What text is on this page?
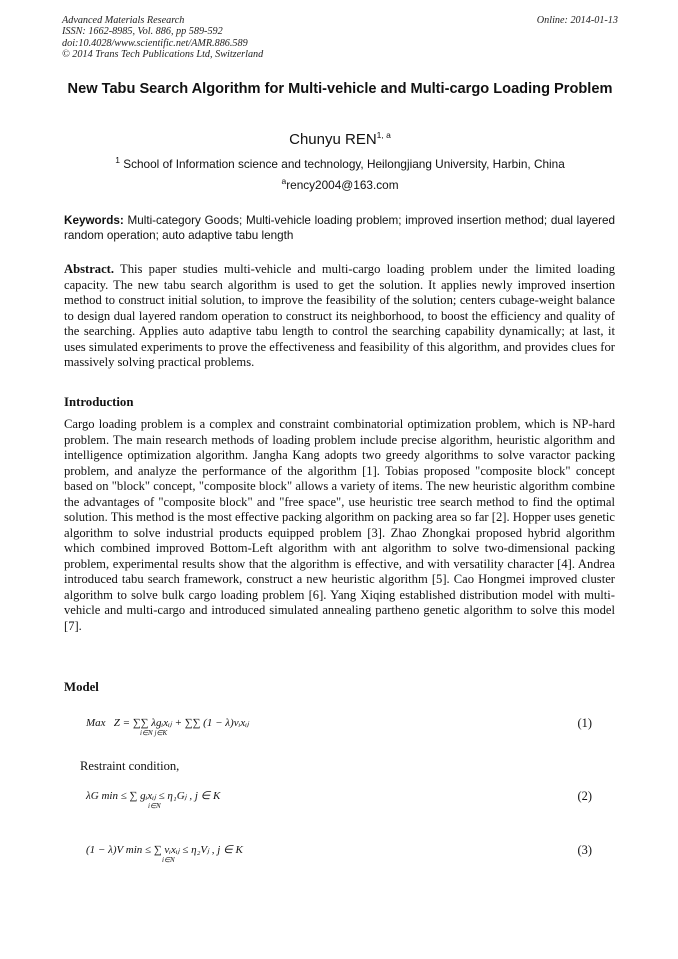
Advanced Materials Research
ISSN: 1662-8985, Vol. 886, pp 589-592
doi:10.4028/www.scientific.net/AMR.886.589
© 2014 Trans Tech Publications Ltd, Switzerland
Online: 2014-01-13
New Tabu Search Algorithm for Multi-vehicle and Multi-cargo Loading Problem
Chunyu REN$^{1, a}$
$^1$ School of Information science and technology, Heilongjiang University, Harbin, China
$^a$rency2004@163.com
Keywords: Multi-category Goods; Multi-vehicle loading problem; improved insertion method; dual layered random operation; auto adaptive tabu length
Abstract. This paper studies multi-vehicle and multi-cargo loading problem under the limited loading capacity. The new tabu search algorithm is used to get the solution. It applies newly improved insertion method to construct initial solution, to improve the feasibility of the solution; centers cubage-weight balance to design dual layered random operation to construct its neighborhood, to boost the efficiency and quality of the searching. Applies auto adaptive tabu length to control the searching capability dynamically; at last, it uses simulated experiments to prove the effectiveness and feasibility of this algorithm, and provides clues for massively solving practical problems.
Introduction
Cargo loading problem is a complex and constraint combinatorial optimization problem, which is NP-hard problem. The main research methods of loading problem include precise algorithm, heuristic algorithm and intelligence optimization algorithm. Jangha Kang adopts two greedy algorithms to solve varactor packing problem, and analyze the performance of the algorithm [1]. Tobias proposed "composite block" concept based on "block" concept, "composite block" allows a variety of items. The new heuristic algorithm combine the advantages of "composite block" and "free space", use heuristic tree search method to find the optimal solution. This method is the most effective packing algorithm on packing area so far [2]. Hopper uses genetic algorithm to solve industrial products equipped problem [3]. Zhao Zhongkai proposed hybrid algorithm which combined improved Bottom-Left algorithm with ant algorithm to solve two-dimensional packing problem, experimental results show that the algorithm is effective, and with versatility character [4]. Andrea introduced tabu search framework, construct a new heuristic algorithm [5]. Cao Hongmei improved cluster algorithm to solve bulk cargo loading problem [6]. Yang Xiqing established distribution model with multi-vehicle and multi-cargo and introduced simulated annealing partheno genetic algorithm to solve this model [7].
Model
Max Z = ∑∑ λgᵢxᵢⱼ + ∑∑ (1 − λ)vᵢxᵢⱼ
i∈N j∈K
(1)
Restraint condition,
λG min ≤ ∑ gᵢxᵢⱼ ≤ η₁Gⱼ , j ∈ K
i∈N
(2)
(1 − λ)V min ≤ ∑ vᵢxᵢⱼ ≤ η₂Vⱼ , j ∈ K
i∈N
(3)
